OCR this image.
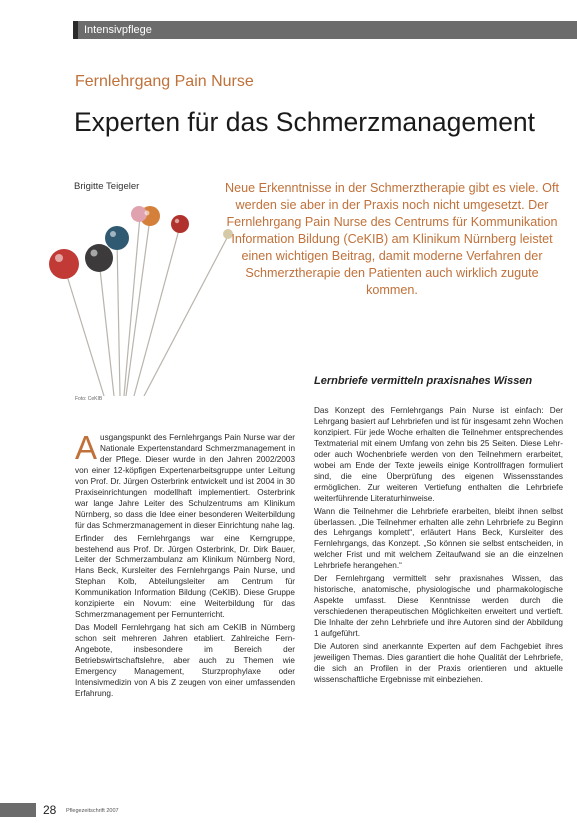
Intensivpflege
Fernlehrgang Pain Nurse
Experten für das Schmerzmanagement
Brigitte Teigeler
Foto: CeKIB
Neue Erkenntnisse in der Schmerztherapie gibt es viele. Oft werden sie aber in der Praxis noch nicht umgesetzt. Der Fernlehrgang Pain Nurse des Centrums für Kommunikation Information Bildung (CeKIB) am Klinikum Nürnberg leistet einen wichtigen Beitrag, damit moderne Verfahren der Schmerztherapie den Patienten auch wirklich zugute kommen.
Lernbriefe vermitteln praxisnahes Wissen

Ausgangspunkt des Fernlehrgangs Pain Nurse war der Nationale Expertenstandard Schmerzmanagement in der Pflege. Dieser wurde in den Jahren 2002/2003 von einer 12-köpfigen Expertenarbeitsgruppe unter Leitung von Prof. Dr. Jürgen Osterbrink entwickelt und ist 2004 in 30 Praxiseinrichtungen modellhaft implementiert. Osterbrink war lange Jahre Leiter des Schulzentrums am Klinikum Nürnberg, so dass die Idee einer besonderen Weiterbildung für das Schmerzmanagement in dieser Einrichtung nahe lag.

Erfinder des Fernlehrgangs war eine Kerngruppe, bestehend aus Prof. Dr. Jürgen Osterbrink, Dr. Dirk Bauer, Leiter der Schmerzambulanz am Klinikum Nürnberg Nord, Hans Beck, Kursleiter des Fernlehrgangs Pain Nurse, und Stephan Kolb, Abteilungsleiter am Centrum für Kommunikation Information Bildung (CeKIB). Diese Gruppe konzipierte ein Novum: eine Weiterbildung für das Schmerzmanagement per Fernunterricht.

Das Modell Fernlehrgang hat sich am CeKIB in Nürnberg schon seit mehreren Jahren etabliert. Zahlreiche Fern-Angebote, insbesondere im Bereich der Betriebswirtschaftslehre, aber auch zu Themen wie Emergency Management, Sturzprophylaxe oder Intensivmedizin von A bis Z zeugen von einer umfassenden Erfahrung.

Das Konzept des Fernlehrgangs Pain Nurse ist einfach: Der Lehrgang basiert auf Lehrbriefen und ist für insgesamt zehn Wochen konzipiert. Für jede Woche erhalten die Teilnehmer entsprechendes Textmaterial mit einem Umfang von zehn bis 25 Seiten. Diese Lehr- oder auch Wochenbriefe werden von den Teilnehmern erarbeitet, wobei am Ende der Texte jeweils einige Kontrollfragen formuliert sind, die eine Überprüfung des eigenen Wissensstandes ermöglichen. Zur weiteren Vertiefung enthalten die Lehrbriefe weiterführende Literaturhinweise.

Wann die Teilnehmer die Lehrbriefe erarbeiten, bleibt ihnen selbst überlassen. „Die Teilnehmer erhalten alle zehn Lehrbriefe zu Beginn des Lehrgangs komplett“, erläutert Hans Beck, Kursleiter des Fernlehrgangs, das Konzept. „So können sie selbst entscheiden, in welcher Frist und mit welchem Zeitaufwand sie an die einzelnen Lehrbriefe herangehen.“

Der Fernlehrgang vermittelt sehr praxisnahes Wissen, das historische, anatomische, physiologische und pharmakologische Aspekte umfasst. Diese Kenntnisse werden durch die verschiedenen therapeutischen Möglichkeiten erweitert und vertieft. Die Inhalte der zehn Lehrbriefe und ihre Autoren sind der Abbildung 1 aufgeführt.

Die Autoren sind anerkannte Experten auf dem Fachgebiet ihres jeweiligen Themas. Dies garantiert die hohe Qualität der Lehrbriefe, die sich an Profilen in der Praxis orientieren und aktuelle wissenschaftliche Ergebnisse mit einbeziehen.

28 Pflegezeitschrift 2007
